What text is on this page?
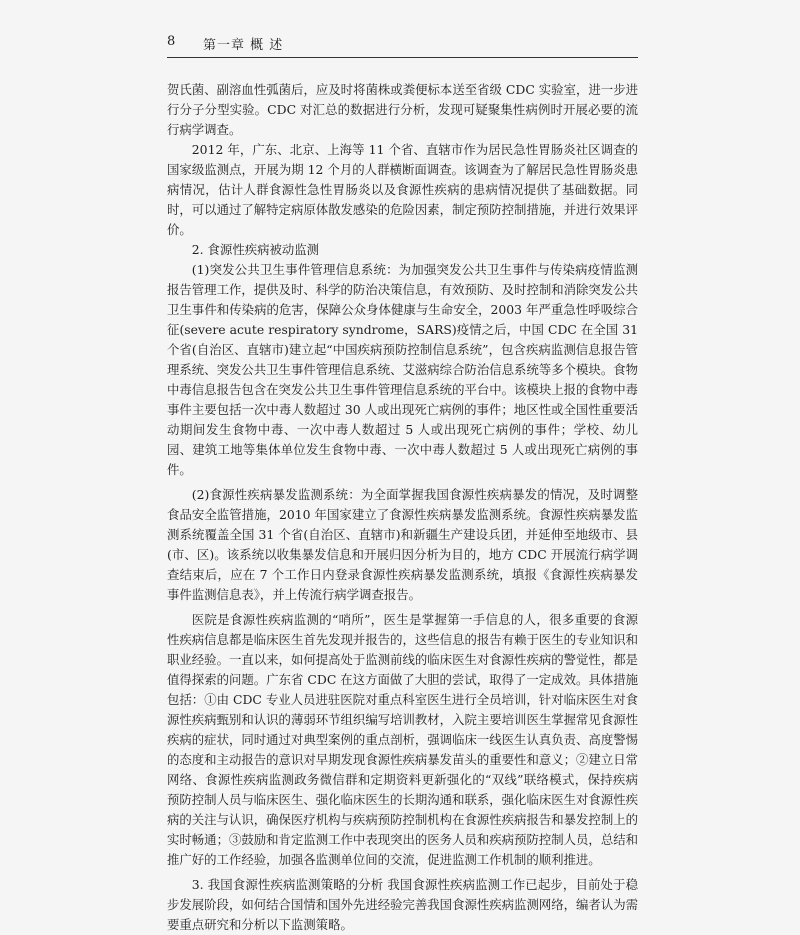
8 第一章 概 述

贺氏菌、副溶血性弧菌后，应及时将菌株或粪便标本送至省级 CDC 实验室，进一步进行分子分型实验。CDC 对汇总的数据进行分析，发现可疑聚集性病例时开展必要的流行病学调查。

2012 年，广东、北京、上海等 11 个省、直辖市作为居民急性胃肠炎社区调查的国家级监测点，开展为期 12 个月的人群横断面调查。该调查为了解居民急性胃肠炎患病情况，估计人群食源性急性胃肠炎以及食源性疾病的患病情况提供了基础数据。同时，可以通过了解特定病原体散发感染的危险因素，制定预防控制措施，并进行效果评价。

2. 食源性疾病被动监测

(1)突发公共卫生事件管理信息系统：为加强突发公共卫生事件与传染病疫情监测报告管理工作，提供及时、科学的防治决策信息，有效预防、及时控制和消除突发公共卫生事件和传染病的危害，保障公众身体健康与生命安全，2003 年严重急性呼吸综合征(severe acute respiratory syndrome，SARS)疫情之后，中国 CDC 在全国 31 个省(自治区、直辖市)建立起“中国疾病预防控制信息系统”，包含疾病监测信息报告管理系统、突发公共卫生事件管理信息系统、艾滋病综合防治信息系统等多个模块。食物中毒信息报告包含在突发公共卫生事件管理信息系统的平台中。该模块上报的食物中毒事件主要包括一次中毒人数超过 30 人或出现死亡病例的事件；地区性或全国性重要活动期间发生食物中毒、一次中毒人数超过 5 人或出现死亡病例的事件；学校、幼儿园、建筑工地等集体单位发生食物中毒、一次中毒人数超过 5 人或出现死亡病例的事件。

(2)食源性疾病暴发监测系统：为全面掌握我国食源性疾病暴发的情况，及时调整食品安全监管措施，2010 年国家建立了食源性疾病暴发监测系统。食源性疾病暴发监测系统覆盖全国 31 个省(自治区、直辖市)和新疆生产建设兵团，并延伸至地级市、县(市、区)。该系统以收集暴发信息和开展归因分析为目的，地方 CDC 开展流行病学调查结束后，应在 7 个工作日内登录食源性疾病暴发监测系统，填报《食源性疾病暴发事件监测信息表》，并上传流行病学调查报告。

医院是食源性疾病监测的“哨所”，医生是掌握第一手信息的人，很多重要的食源性疾病信息都是临床医生首先发现并报告的，这些信息的报告有赖于医生的专业知识和职业经验。一直以来，如何提高处于监测前线的临床医生对食源性疾病的警觉性，都是值得探索的问题。广东省 CDC 在这方面做了大胆的尝试，取得了一定成效。具体措施包括：①由 CDC 专业人员进驻医院对重点科室医生进行全员培训，针对临床医生对食源性疾病甄别和认识的薄弱环节组织编写培训教材，入院主要培训医生掌握常见食源性疾病的症状，同时通过对典型案例的重点剖析，强调临床一线医生认真负责、高度警惕的态度和主动报告的意识对早期发现食源性疾病暴发苗头的重要性和意义；②建立日常网络、食源性疾病监测政务微信群和定期资料更新强化的“双线”联络模式，保持疾病预防控制人员与临床医生、强化临床医生的长期沟通和联系，强化临床医生对食源性疾病的关注与认识，确保医疗机构与疾病预防控制机构在食源性疾病报告和暴发控制上的实时畅通；③鼓励和肯定监测工作中表现突出的医务人员和疾病预防控制人员，总结和推广好的工作经验，加强各监测单位间的交流，促进监测工作机制的顺利推进。

3. 我国食源性疾病监测策略的分析 我国食源性疾病监测工作已起步，目前处于稳步发展阶段，如何结合国情和国外先进经验完善我国食源性疾病监测网络，编者认为需要重点研究和分析以下监测策略。
